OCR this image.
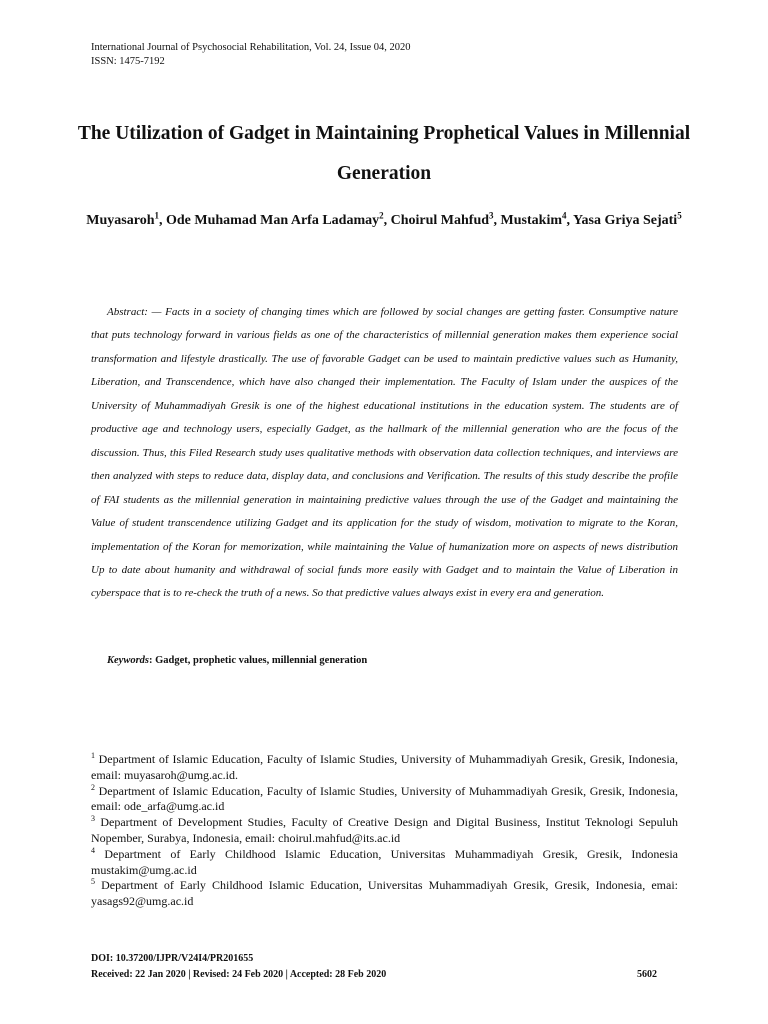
International Journal of Psychosocial Rehabilitation, Vol. 24, Issue 04, 2020
ISSN: 1475-7192
The Utilization of Gadget in Maintaining Prophetical Values in Millennial Generation
Muyasaroh$^1$, Ode Muhamad Man Arfa Ladamay$^2$, Choirul Mahfud$^3$, Mustakim$^4$, Yasa Griya Sejati$^5$
Abstract: — Facts in a society of changing times which are followed by social changes are getting faster. Consumptive nature that puts technology forward in various fields as one of the characteristics of millennial generation makes them experience social transformation and lifestyle drastically. The use of favorable Gadget can be used to maintain predictive values such as Humanity, Liberation, and Transcendence, which have also changed their implementation. The Faculty of Islam under the auspices of the University of Muhammadiyah Gresik is one of the highest educational institutions in the education system. The students are of productive age and technology users, especially Gadget, as the hallmark of the millennial generation who are the focus of the discussion. Thus, this Filed Research study uses qualitative methods with observation data collection techniques, and interviews are then analyzed with steps to reduce data, display data, and conclusions and Verification. The results of this study describe the profile of FAI students as the millennial generation in maintaining predictive values through the use of the Gadget and maintaining the Value of student transcendence utilizing Gadget and its application for the study of wisdom, motivation to migrate to the Koran, implementation of the Koran for memorization, while maintaining the Value of humanization more on aspects of news distribution Up to date about humanity and withdrawal of social funds more easily with Gadget and to maintain the Value of Liberation in cyberspace that is to re-check the truth of a news. So that predictive values always exist in every era and generation.
Keywords: Gadget, prophetic values, millennial generation

$^1$ Department of Islamic Education, Faculty of Islamic Studies, University of Muhammadiyah Gresik, Gresik, Indonesia, email: muyasaroh@umg.ac.id.

$^2$ Department of Islamic Education, Faculty of Islamic Studies, University of Muhammadiyah Gresik, Gresik, Indonesia, email: ode_arfa@umg.ac.id

$^3$ Department of Development Studies, Faculty of Creative Design and Digital Business, Institut Teknologi Sepuluh Nopember, Surabya, Indonesia, email: choirul.mahfud@its.ac.id

$^4$ Department of Early Childhood Islamic Education, Universitas Muhammadiyah Gresik, Gresik, Indonesia mustakim@umg.ac.id

$^5$ Department of Early Childhood Islamic Education, Universitas Muhammadiyah Gresik, Gresik, Indonesia, emai: yasags92@umg.ac.id

DOI: 10.37200/IJPR/V24I4/PR201655
Received: 22 Jan 2020 | Revised: 24 Feb 2020 | Accepted: 28 Feb 2020	5602
